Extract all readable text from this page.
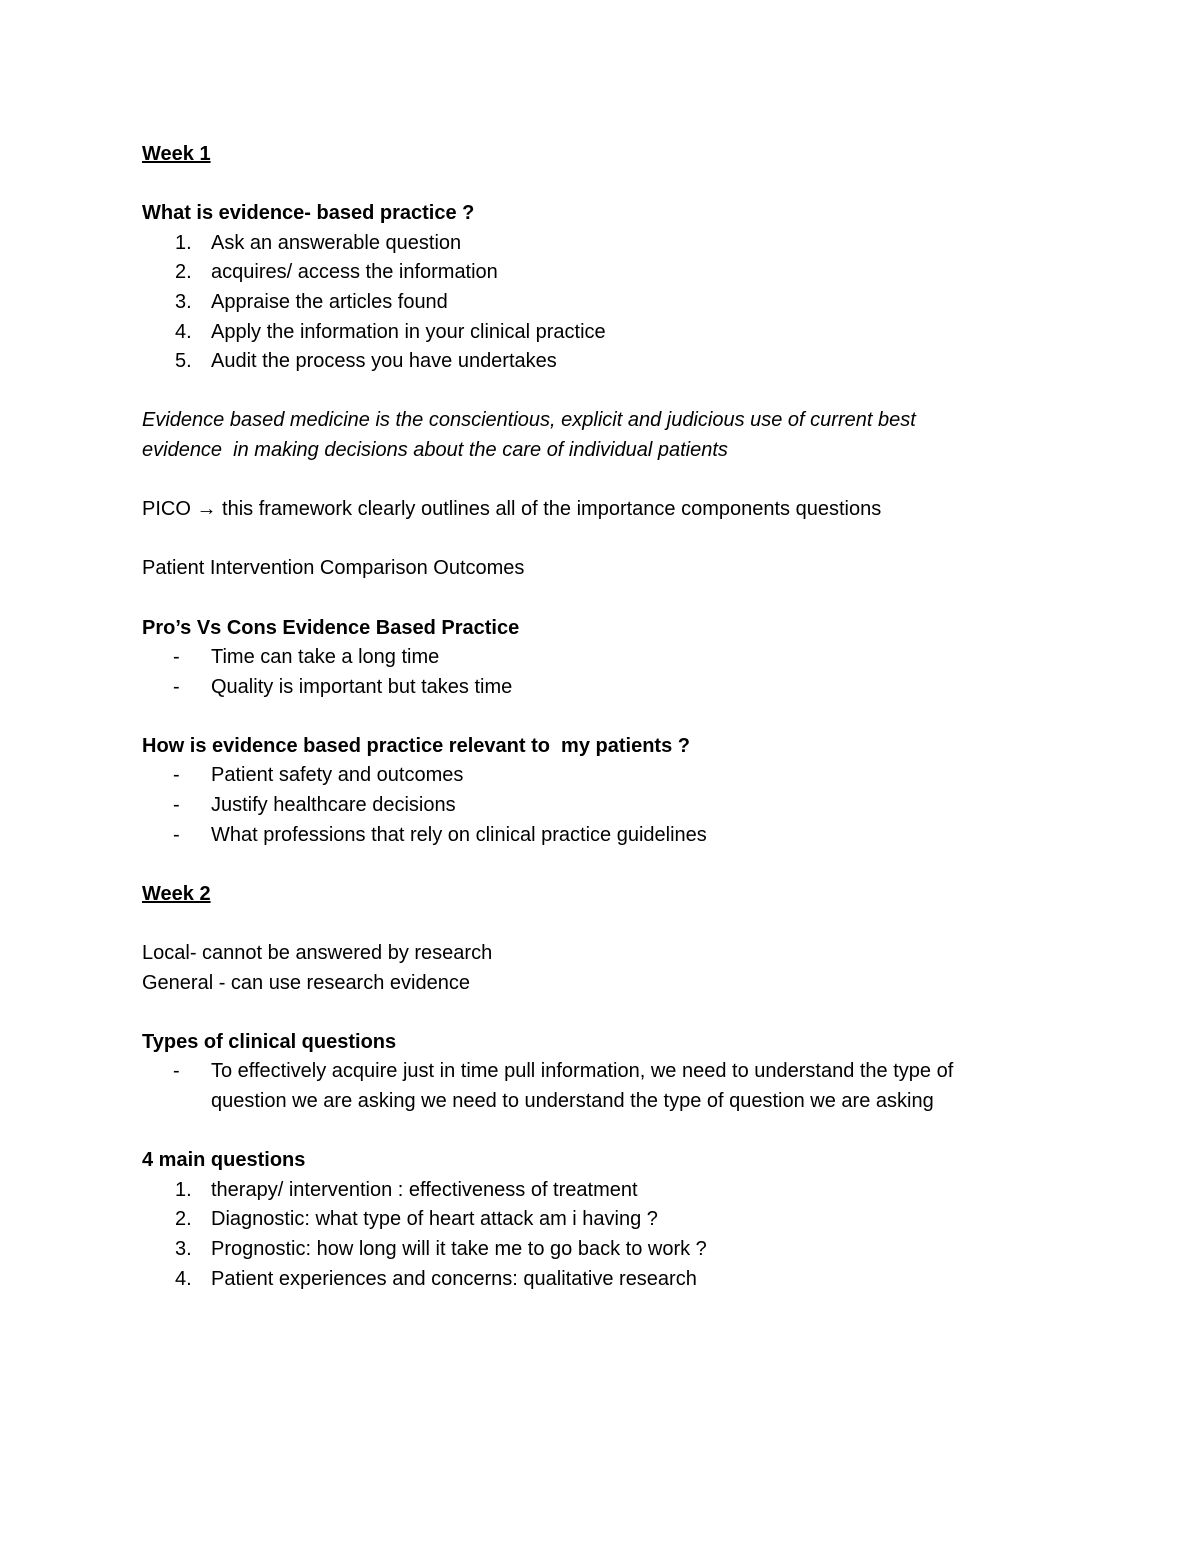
Week 1

What is evidence- based practice ?

1. Ask an answerable question
2. acquires/ access the information
3. Appraise the articles found
4. Apply the information in your clinical practice
5. Audit the process you have undertakes

Evidence based medicine is the conscientious, explicit and judicious use of current best

evidence  in making decisions about the care of individual patients

PICO → this framework clearly outlines all of the importance components questions

Patient Intervention Comparison Outcomes

Pro’s Vs Cons Evidence Based Practice

-	Time can take a long time
-	Quality is important but takes time

How is evidence based practice relevant to  my patients ?

-	Patient safety and outcomes
-	Justify healthcare decisions
-	What professions that rely on clinical practice guidelines

Week 2

Local- cannot be answered by research

General - can use research evidence

Types of clinical questions

-	To effectively acquire just in time pull information, we need to understand the type of
question we are asking we need to understand the type of question we are asking

4 main questions

1. therapy/ intervention : effectiveness of treatment
2. Diagnostic: what type of heart attack am i having ?
3. Prognostic: how long will it take me to go back to work ?
4. Patient experiences and concerns: qualitative research
